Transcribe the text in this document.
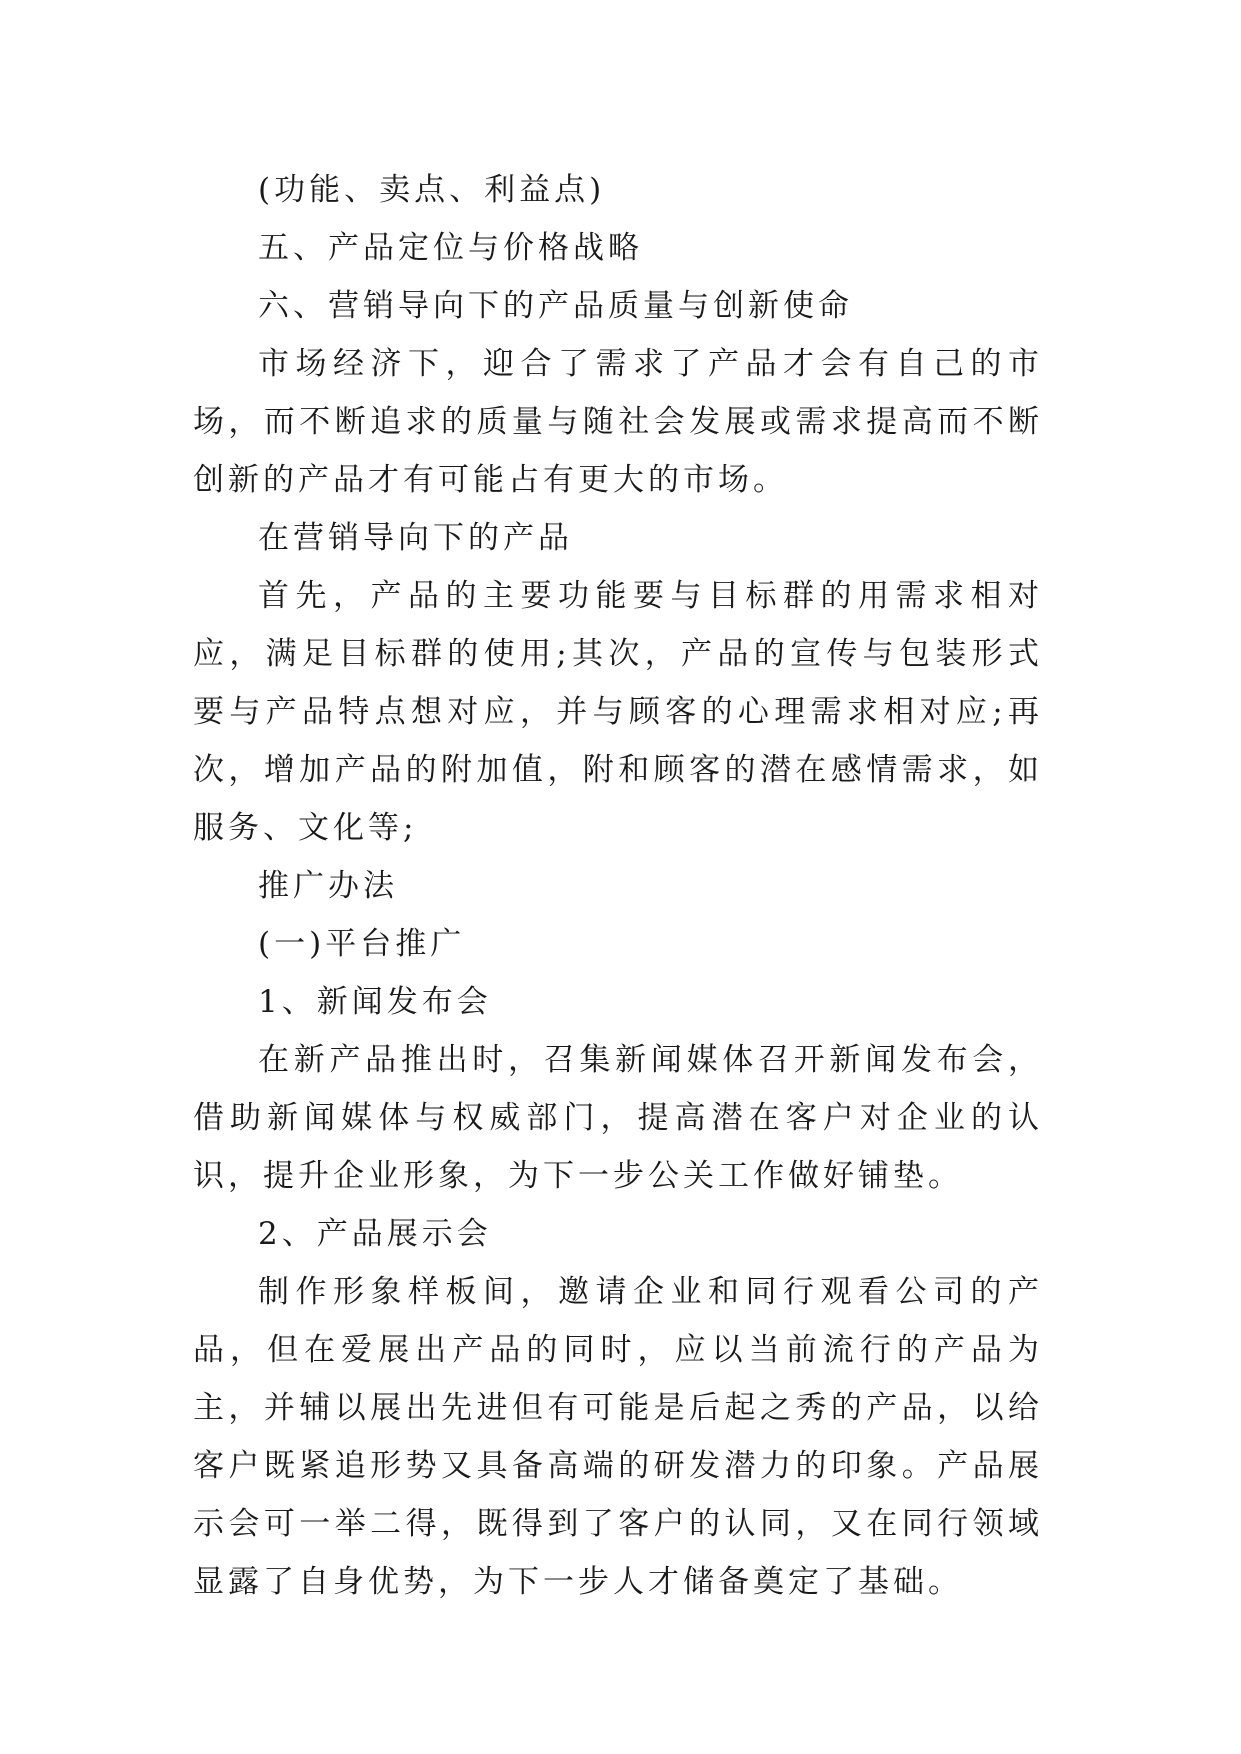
(功能、卖点、利益点)

五、产品定位与价格战略

六、营销导向下的产品质量与创新使命

市场经济下，迎合了需求了产品才会有自己的市场，而不断追求的质量与随社会发展或需求提高而不断创新的产品才有可能占有更大的市场。

在营销导向下的产品

首先，产品的主要功能要与目标群的用需求相对应，满足目标群的使用;其次，产品的宣传与包装形式要与产品特点想对应，并与顾客的心理需求相对应;再次，增加产品的附加值，附和顾客的潜在感情需求，如服务、文化等;

推广办法

(一)平台推广

1、新闻发布会

在新产品推出时，召集新闻媒体召开新闻发布会，借助新闻媒体与权威部门，提高潜在客户对企业的认识，提升企业形象，为下一步公关工作做好铺垫。

2、产品展示会

制作形象样板间，邀请企业和同行观看公司的产品，但在爱展出产品的同时，应以当前流行的产品为主，并辅以展出先进但有可能是后起之秀的产品，以给客户既紧追形势又具备高端的研发潜力的印象。产品展示会可一举二得，既得到了客户的认同，又在同行领域显露了自身优势，为下一步人才储备奠定了基础。
